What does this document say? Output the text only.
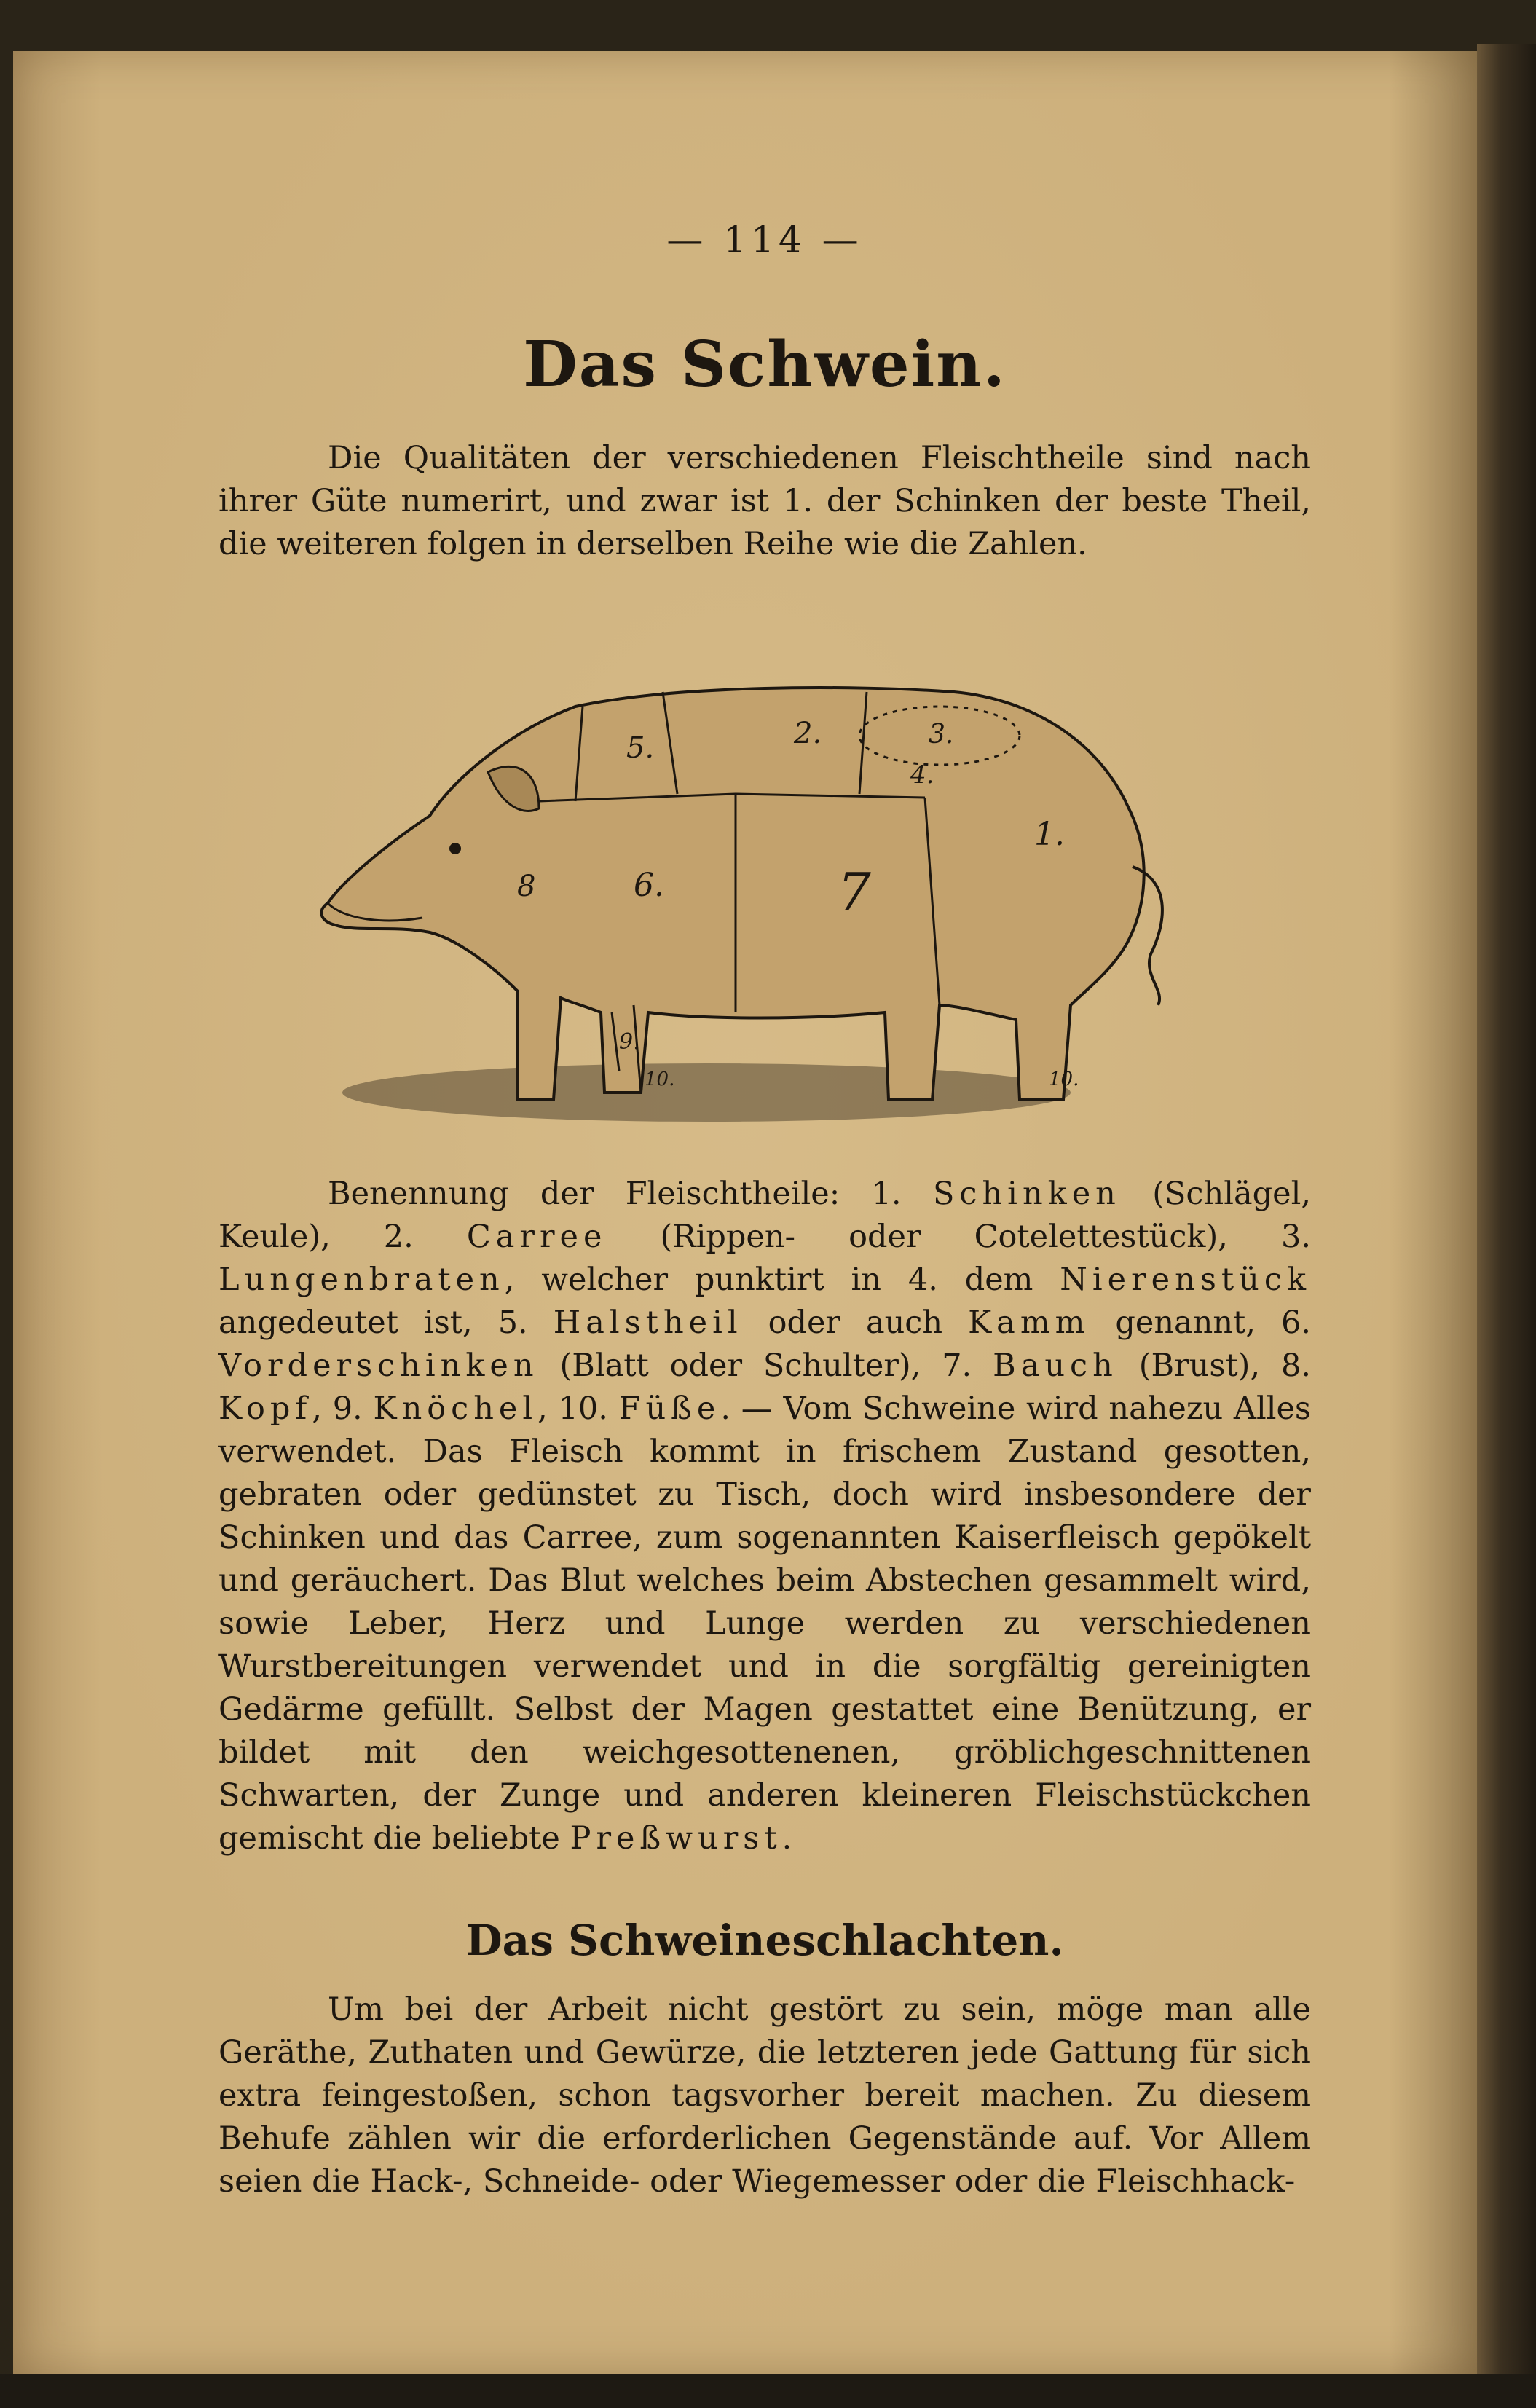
— 114 —
Das Schwein.

Die Qualitäten der verschiedenen Fleischtheile sind nach ihrer Güte numerirt, und zwar ist 1. der Schinken der beste Theil, die weiteren folgen in derselben Reihe wie die Zahlen.

1.
2.	3.
4.
5.
6.	7
8
9.
10.	10.

Benennung der Fleischtheile: 1. Schinken (Schlägel, Keule), 2. Carree (Rippen- oder Cotelettestück), 3. Lungenbraten, welcher punktirt in 4. dem Nierenstück angedeutet ist, 5. Halstheil oder auch Kamm genannt, 6. Vorderschinken (Blatt oder Schulter), 7. Bauch (Brust), 8. Kopf, 9. Knöchel, 10. Füße. — Vom Schweine wird nahezu Alles verwendet. Das Fleisch kommt in frischem Zustand gesotten, gebraten oder gedünstet zu Tisch, doch wird insbesondere der Schinken und das Carree, zum sogenannten Kaiserfleisch gepökelt und geräuchert. Das Blut welches beim Abstechen gesammelt wird, sowie Leber, Herz und Lunge werden zu verschiedenen Wurstbereitungen verwendet und in die sorgfältig gereinigten Gedärme gefüllt. Selbst der Magen gestattet eine Benützung, er bildet mit den weichgesottenenen, gröblichgeschnittenen Schwarten, der Zunge und anderen kleineren Fleischstückchen gemischt die beliebte Preßwurst.

Das Schweineschlachten.

Um bei der Arbeit nicht gestört zu sein, möge man alle Geräthe, Zuthaten und Gewürze, die letzteren jede Gattung für sich extra feingestoßen, schon tagsvorher bereit machen. Zu diesem Behufe zählen wir die erforderlichen Gegenstände auf. Vor Allem seien die Hack-, Schneide- oder Wiegemesser oder die Fleischhack-
